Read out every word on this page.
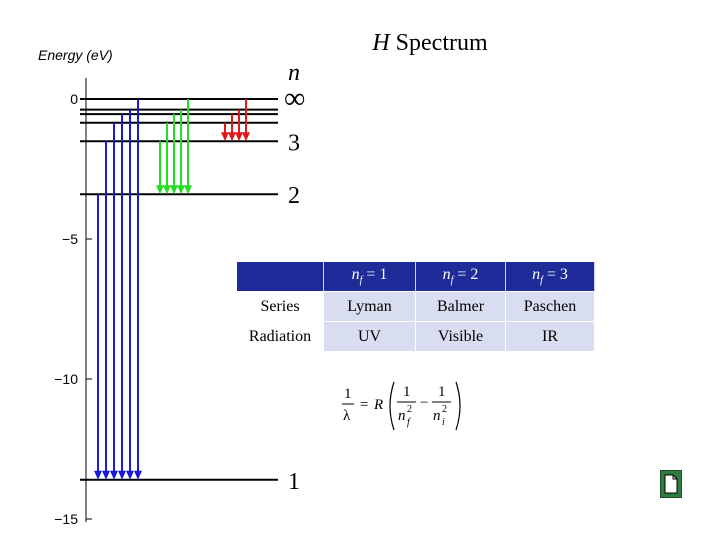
Energy (eV)
0
−5
−10
−15
n
1
2
3
∞
H Spectrum
	$n_f = 1$	$n_f = 2$	$n_f = 3$
Series	Lyman	Balmer	Paschen
Radiation	UV	Visible	IR
1
λ
= R
1
n 2
f
−
1
n 2
i
